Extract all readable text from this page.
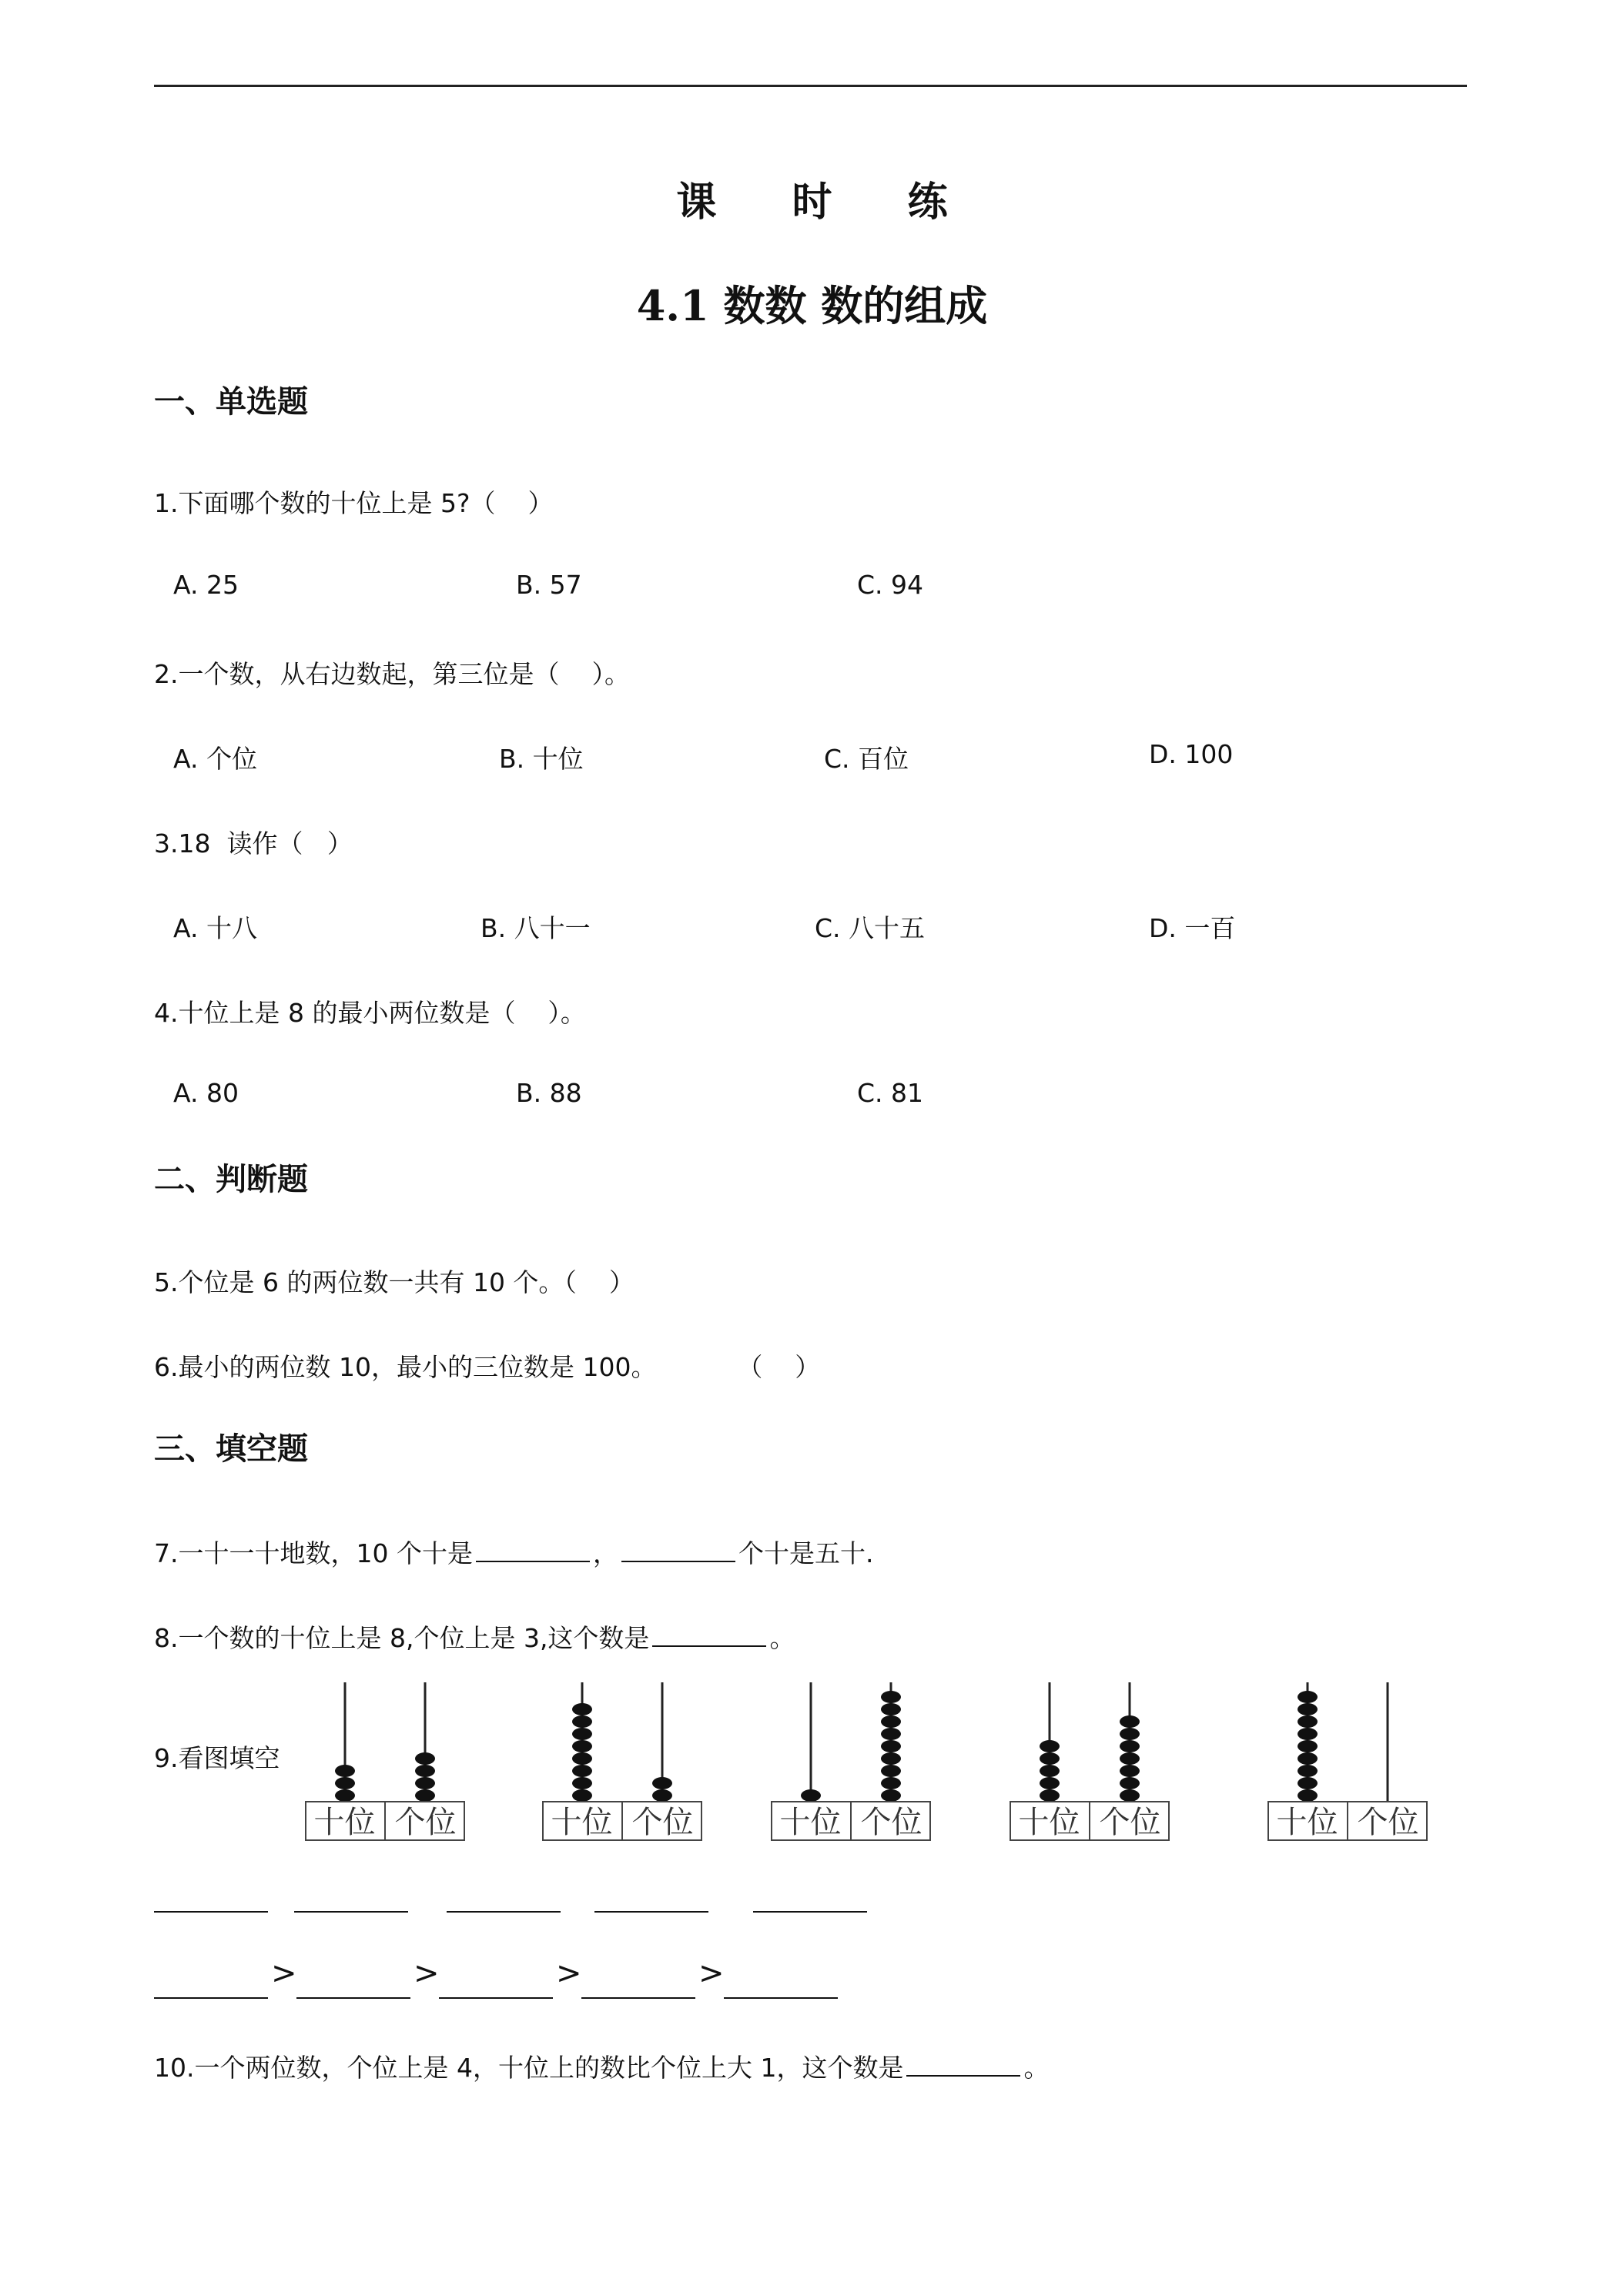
课 时 练
4.1 数数 数的组成
一、单选题
1.下面哪个数的十位上是 5?（    ）
A. 25	B. 57	C. 94
2.一个数，从右边数起，第三位是（    ）。
A. 个位	B. 十位	C. 百位	D. 100
3.18  读作（   ）
A. 十八	B. 八十一	C. 八十五	D. 一百
4.十位上是 8 的最小两位数是（    ）。
A. 80	B. 88	C. 81
二、判断题
5.个位是 6 的两位数一共有 10 个。（    ）
6.最小的两位数 10，最小的三位数是 100。          （    ）
三、填空题
7.一十一十地数，10 个十是	，	个十是五十.
8.一个数的十位上是 8,个位上是 3,这个数是	。
9.看图填空
十位 个位	十位 个位	十位 个位	十位 个位	十位 个位
>	>	>	>
10.一个两位数，个位上是 4，十位上的数比个位上大 1，这个数是	。
